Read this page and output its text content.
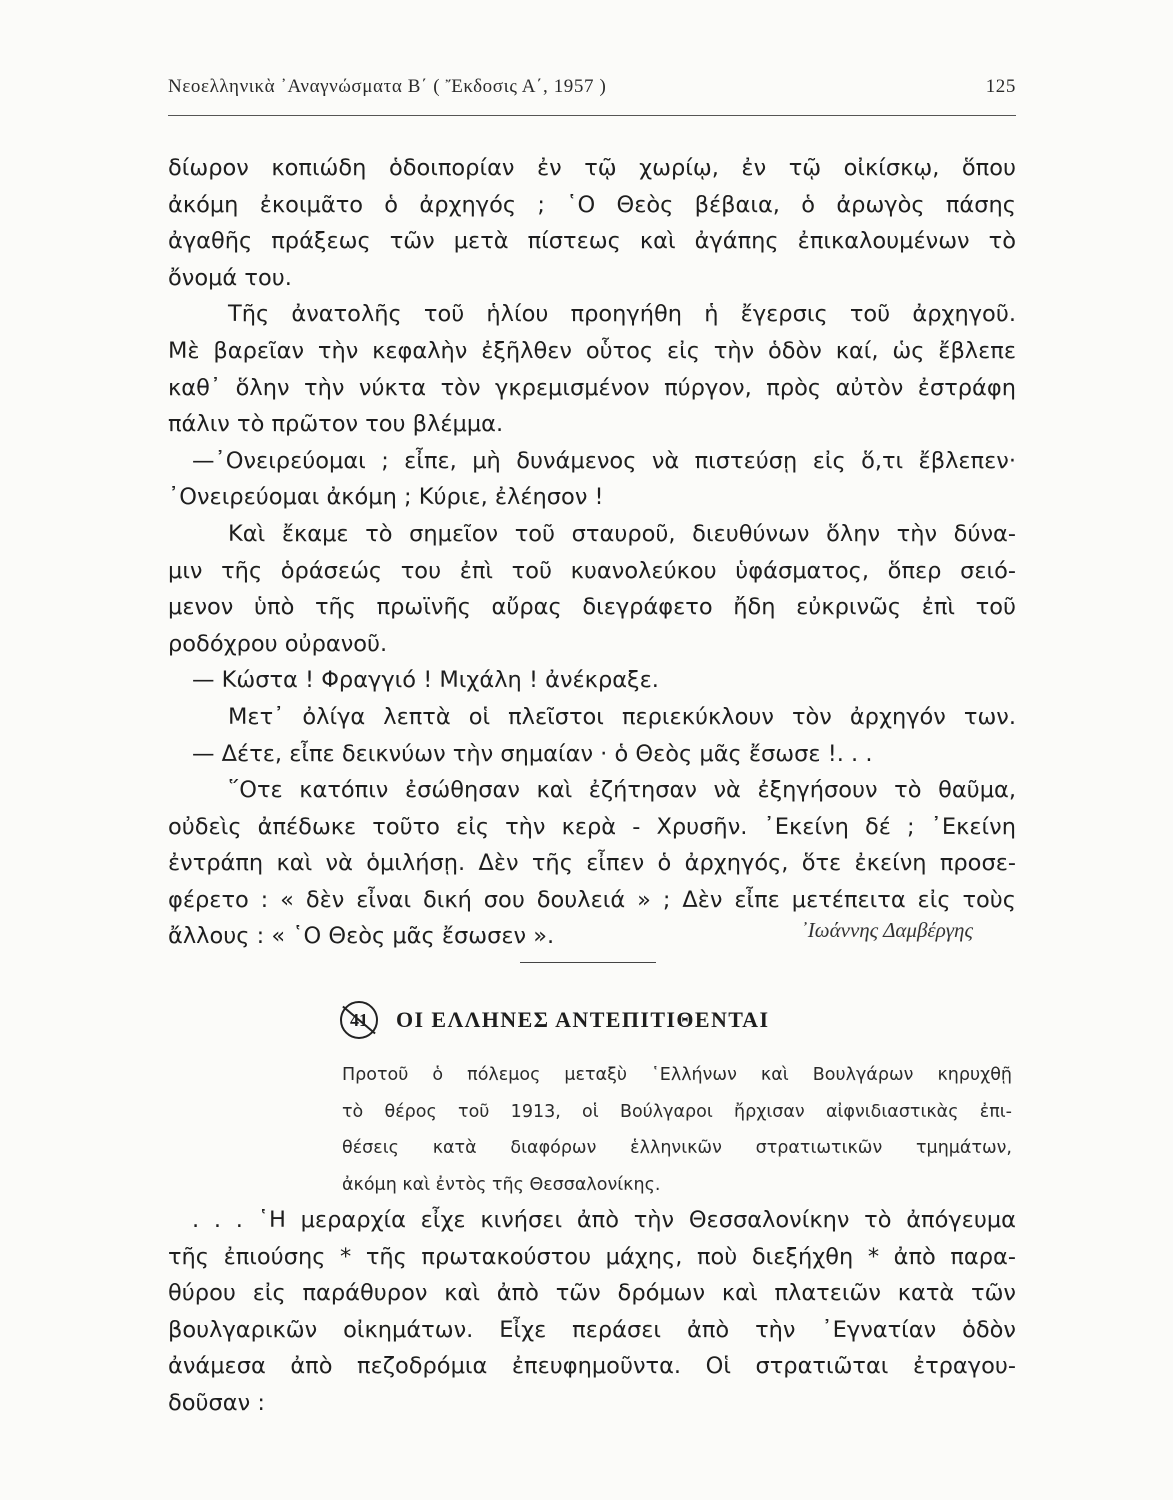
Νεοελληνικὰ ᾿Αναγνώσματα Β΄ ( Ἔκδοσις Α΄, 1957 )	125
δίωρον κοπιώδη ὁδοιπορίαν ἐν τῷ χωρίῳ, ἐν τῷ οἰκίσκῳ, ὅπου
ἀκόμη ἐκοιμᾶτο ὁ ἀρχηγός ; ῾Ο Θεὸς βέβαια, ὁ ἀρωγὸς πάσης
ἀγαθῆς πράξεως τῶν μετὰ πίστεως καὶ ἀγάπης ἐπικαλουμένων τὸ
ὄνομά του.
Τῆς ἀνατολῆς τοῦ ἡλίου προηγήθη ἡ ἔγερσις τοῦ ἀρχηγοῦ.
Μὲ βαρεῖαν τὴν κεφαλὴν ἐξῆλθεν οὗτος εἰς τὴν ὁδὸν καί, ὡς ἔβλεπε
καθ᾿ ὅλην τὴν νύκτα τὸν γκρεμισμένον πύργον, πρὸς αὐτὸν ἐστράφη
πάλιν τὸ πρῶτον του βλέμμα.
—᾿Ονειρεύομαι ; εἶπε, μὴ δυνάμενος νὰ πιστεύσῃ εἰς ὅ,τι ἔβλεπεν·
᾿Ονειρεύομαι ἀκόμη ; Κύριε, ἐλέησον !
Καὶ ἔκαμε τὸ σημεῖον τοῦ σταυροῦ, διευθύνων ὅλην τὴν δύνα-
μιν τῆς ὁράσεώς του ἐπὶ τοῦ κυανολεύκου ὑφάσματος, ὅπερ σειό-
μενον ὑπὸ τῆς πρωϊνῆς αὔρας διεγράφετο ἤδη εὐκρινῶς ἐπὶ τοῦ
ροδόχρου οὐρανοῦ.
— Κώστα ! Φραγγιό ! Μιχάλη ! ἀνέκραξε.
Μετ᾿ ὀλίγα λεπτὰ οἱ πλεῖστοι περιεκύκλουν τὸν ἀρχηγόν των.
— Δέτε, εἶπε δεικνύων τὴν σημαίαν · ὁ Θεὸς μᾶς ἔσωσε !. . .
῞Οτε κατόπιν ἐσώθησαν καὶ ἐζήτησαν νὰ ἐξηγήσουν τὸ θαῦμα,
οὐδεὶς ἀπέδωκε τοῦτο εἰς τὴν κερὰ - Χρυσῆν. ᾿Εκείνη δέ ; ᾿Εκείνη
ἐντράπη καὶ νὰ ὁμιλήσῃ. Δὲν τῆς εἶπεν ὁ ἀρχηγός, ὅτε ἐκείνη προσε-
φέρετο : « δὲν εἶναι δική σου δουλειά » ; Δὲν εἶπε μετέπειτα εἰς τοὺς
ἄλλους : « ῾Ο Θεὸς μᾶς ἔσωσεν ».	᾿Ιωάννης Δαμβέργης
41 ΟΙ ΕΛΛΗΝΕΣ ΑΝΤΕΠΙΤΙΘΕΝΤΑΙ
Προτοῦ ὁ πόλεμος μεταξὺ ῾Ελλήνων καὶ Βουλγάρων κηρυχθῇ
τὸ θέρος τοῦ 1913, οἱ Βούλγαροι ἤρχισαν αἰφνιδιαστικὰς ἐπι-
θέσεις κατὰ διαφόρων ἑλληνικῶν στρατιωτικῶν τμημάτων,
ἀκόμη καὶ ἐντὸς τῆς Θεσσαλονίκης.
. . . ῾Η μεραρχία εἶχε κινήσει ἀπὸ τὴν Θεσσαλονίκην τὸ ἀπόγευμα
τῆς ἐπιούσης * τῆς πρωτακούστου μάχης, ποὺ διεξήχθη * ἀπὸ παρα-
θύρου εἰς παράθυρον καὶ ἀπὸ τῶν δρόμων καὶ πλατειῶν κατὰ τῶν
βουλγαρικῶν οἰκημάτων. Εἶχε περάσει ἀπὸ τὴν ᾿Εγνατίαν ὁδὸν
ἀνάμεσα ἀπὸ πεζοδρόμια ἐπευφημοῦντα. Οἱ στρατιῶται ἐτραγου-
δοῦσαν :
